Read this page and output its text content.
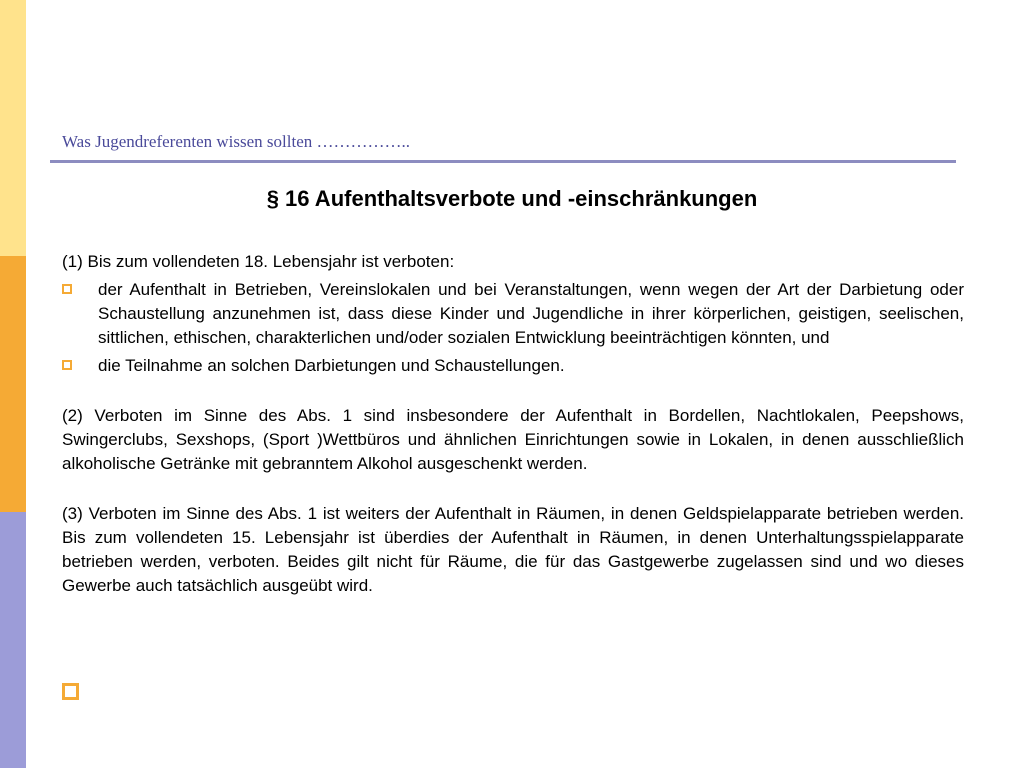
Was Jugendreferenten wissen sollten ……………..
§ 16 Aufenthaltsverbote und -einschränkungen

(1) Bis zum vollendeten 18. Lebensjahr ist verboten:

der Aufenthalt in Betrieben, Vereinslokalen und bei Veranstaltungen, wenn wegen der Art der Darbietung oder Schaustellung anzunehmen ist, dass diese Kinder und Jugendliche in ihrer körperlichen, geistigen, seelischen, sittlichen, ethischen, charakterlichen und/oder sozialen Entwicklung beeinträchtigen könnten, und
die Teilnahme an solchen Darbietungen und Schaustellungen.

(2) Verboten im Sinne des Abs. 1 sind insbesondere der Aufenthalt in Bordellen, Nachtlokalen, Peepshows, Swingerclubs, Sexshops, (Sport )Wettbüros und ähnlichen Einrichtungen sowie in Lokalen, in denen ausschließlich alkoholische Getränke mit gebranntem Alkohol ausgeschenkt werden.

(3) Verboten im Sinne des Abs. 1 ist weiters der Aufenthalt in Räumen, in denen Geldspielapparate betrieben werden. Bis zum vollendeten 15. Lebensjahr ist überdies der Aufenthalt in Räumen, in denen Unterhaltungsspielapparate betrieben werden, verboten. Beides gilt nicht für Räume, die für das Gastgewerbe zugelassen sind und wo dieses Gewerbe auch tatsächlich ausgeübt wird.
